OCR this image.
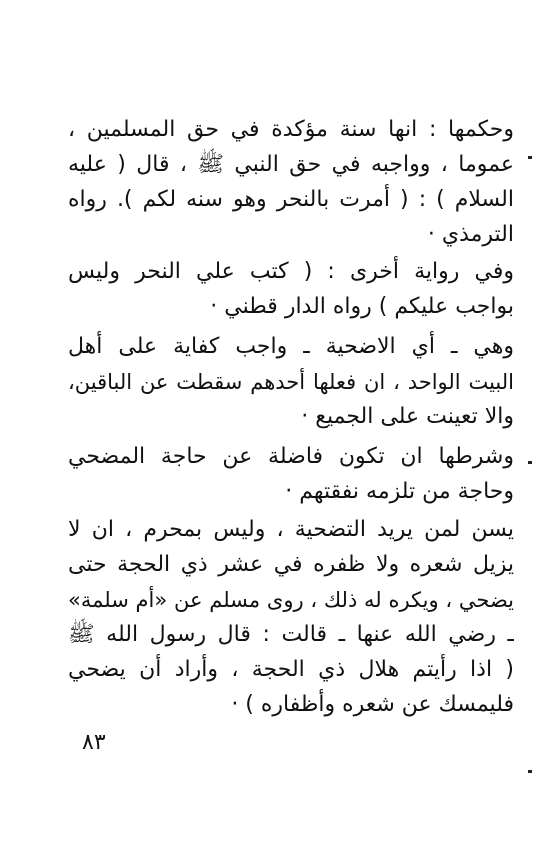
وحكمها : انها سنة مؤكدة في حق المسلمين ،
عموما ، وواجبه في حق النبي ﷺ ، قال ( عليه
السلام ) : ( أمرت بالنحر وهو سنه لكم ). رواه
الترمذي ·
وفي رواية أخرى : ( كتب علي النحر وليس
بواجب عليكم ) رواه الدار قطني ·
وهي ـ أي الاضحية ـ واجب كفاية على أهل
البيت الواحد ، ان فعلها أحدهم سقطت عن الباقين،
والا تعينت على الجميع ·
وشرطها ان تكون فاضلة عن حاجة المضحي
وحاجة من تلزمه نفقتهم ·
يسن لمن يريد التضحية ، وليس بمحرم ، ان لا
يزيل شعره ولا ظفره في عشر ذي الحجة حتى
يضحي ، ويكره له ذلك ، روى مسلم عن «أم سلمة»
ـ رضي الله عنها ـ قالت : قال رسول الله ﷺ
( اذا رأيتم هلال ذي الحجة ، وأراد أن يضحي
فليمسك عن شعره وأظفاره ) ·
٨٣
